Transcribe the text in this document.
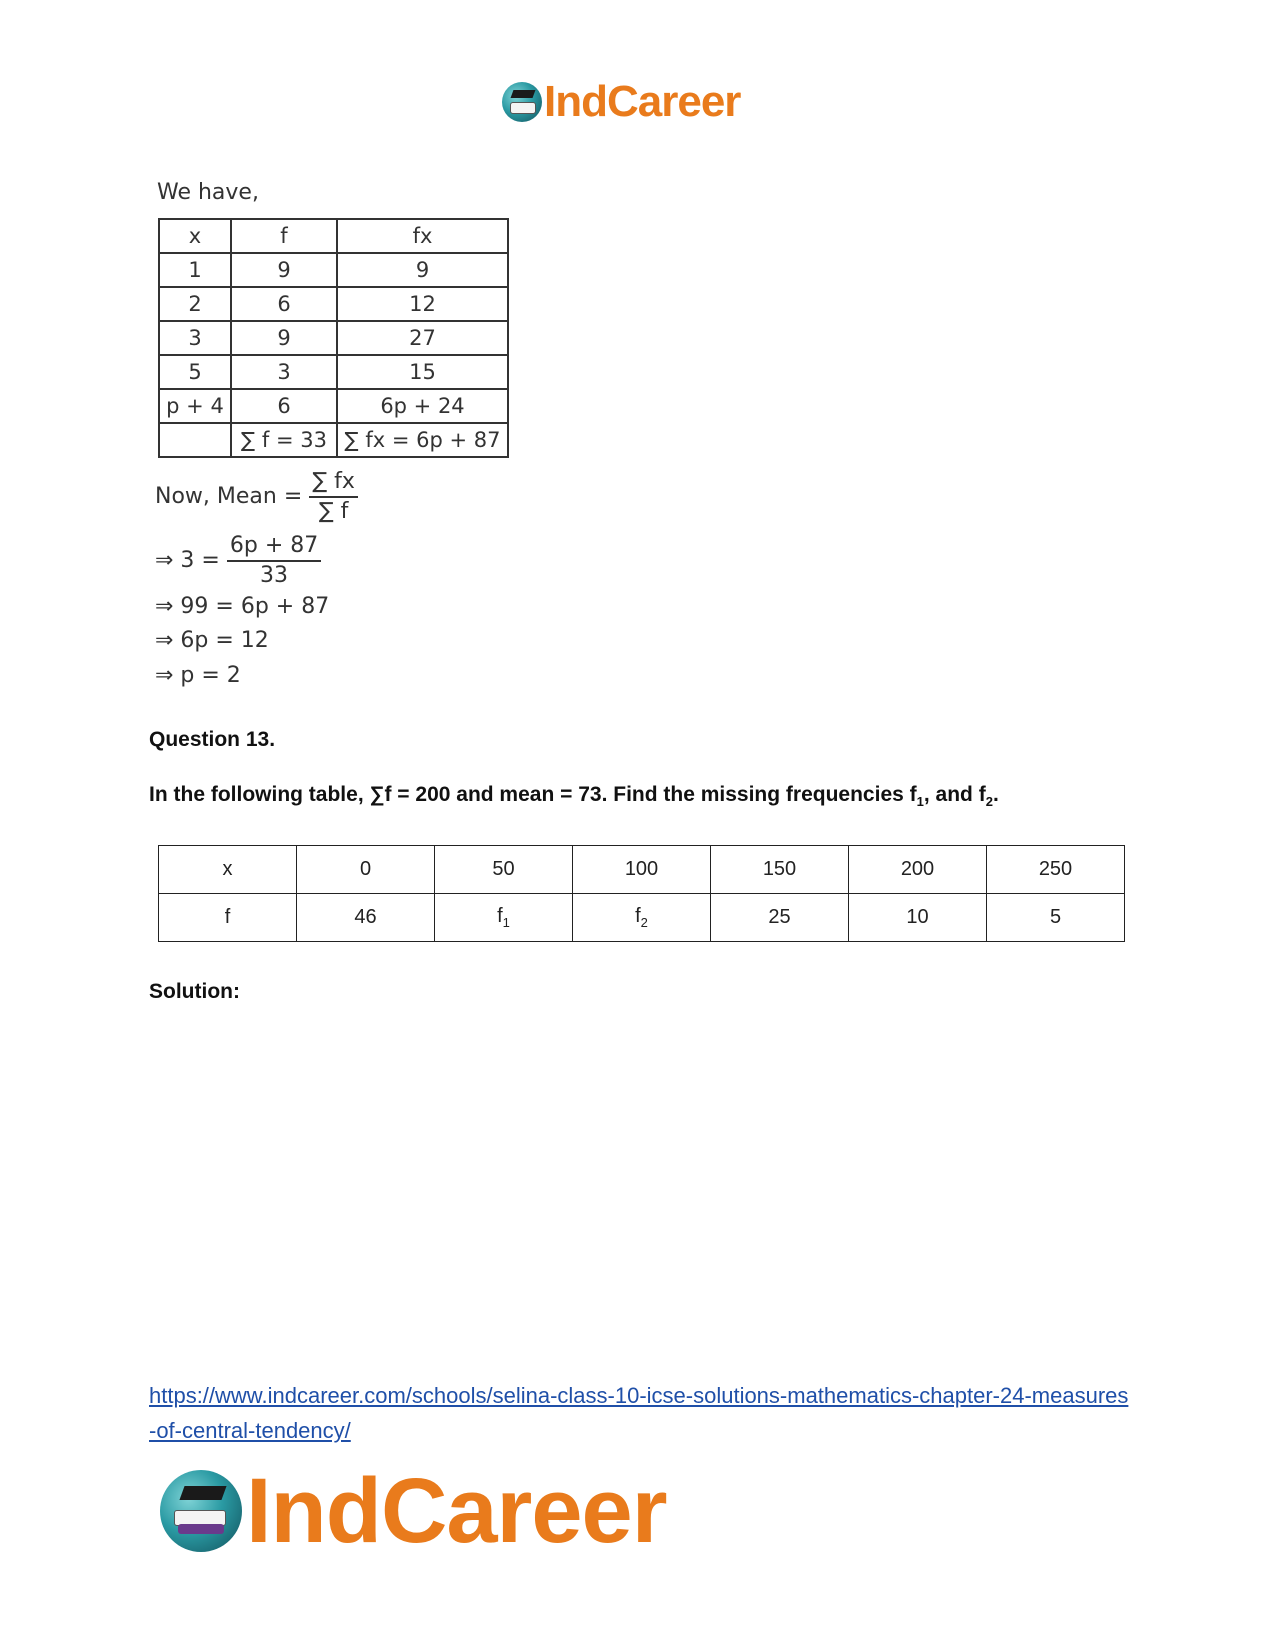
IndCareer
We have,
x	f	fx
1	9	9
2	6	12
3	9	27
5	3	15
p + 4	6	6p + 24
	∑ f = 33	∑ fx = 6p + 87
Now, Mean = $\frac{\sum fx}{\sum f}$
⇒ $3 = \frac{6p + 87}{33}$
⇒ 99 = 6p + 87
⇒ 6p = 12
⇒ p = 2
Question 13.
In the following table, ∑f = 200 and mean = 73. Find the missing frequencies $f_1$, and $f_2$.
x	0	50	100	150	200	250
f	46	$f_1$	$f_2$	25	10	5
Solution:
https://www.indcareer.com/schools/selina-class-10-icse-solutions-mathematics-chapter-24-measures-of-central-tendency/
IndCareer
